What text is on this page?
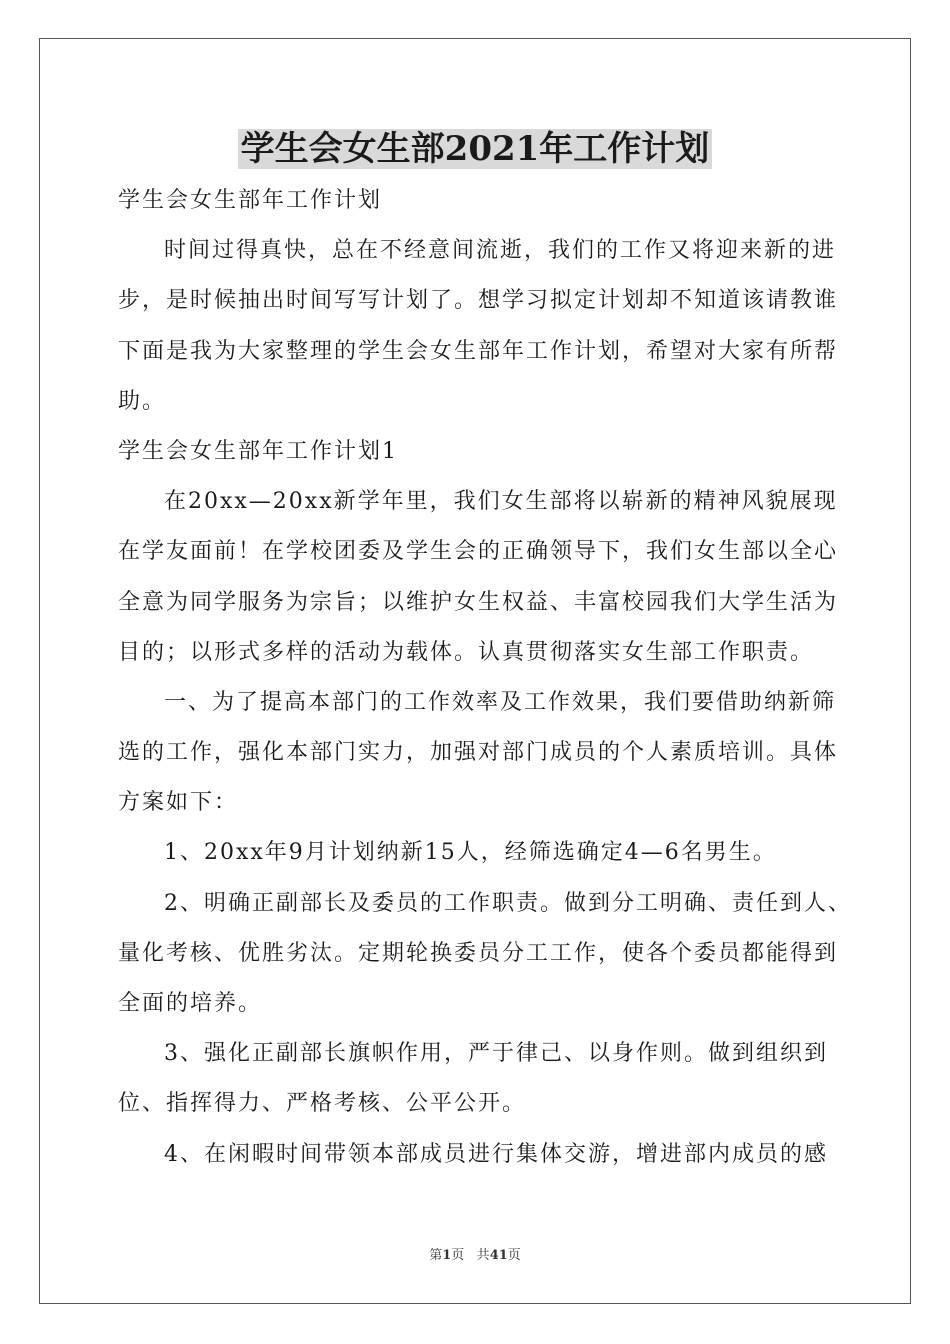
学生会女生部2021年工作计划
学生会女生部年工作计划
时间过得真快，总在不经意间流逝，我们的工作又将迎来新的进
步，是时候抽出时间写写计划了。想学习拟定计划却不知道该请教谁
下面是我为大家整理的学生会女生部年工作计划，希望对大家有所帮
助。
学生会女生部年工作计划1
在20xx—20xx新学年里，我们女生部将以崭新的精神风貌展现
在学友面前！在学校团委及学生会的正确领导下，我们女生部以全心
全意为同学服务为宗旨；以维护女生权益、丰富校园我们大学生活为
目的；以形式多样的活动为载体。认真贯彻落实女生部工作职责。
一、为了提高本部门的工作效率及工作效果，我们要借助纳新筛
选的工作，强化本部门实力，加强对部门成员的个人素质培训。具体
方案如下：
1、20xx年9月计划纳新15人，经筛选确定4—6名男生。
2、明确正副部长及委员的工作职责。做到分工明确、责任到人、
量化考核、优胜劣汰。定期轮换委员分工工作，使各个委员都能得到
全面的培养。
3、强化正副部长旗帜作用，严于律己、以身作则。做到组织到
位、指挥得力、严格考核、公平公开。
4、在闲暇时间带领本部成员进行集体交游，增进部内成员的感
第1页 共41页
